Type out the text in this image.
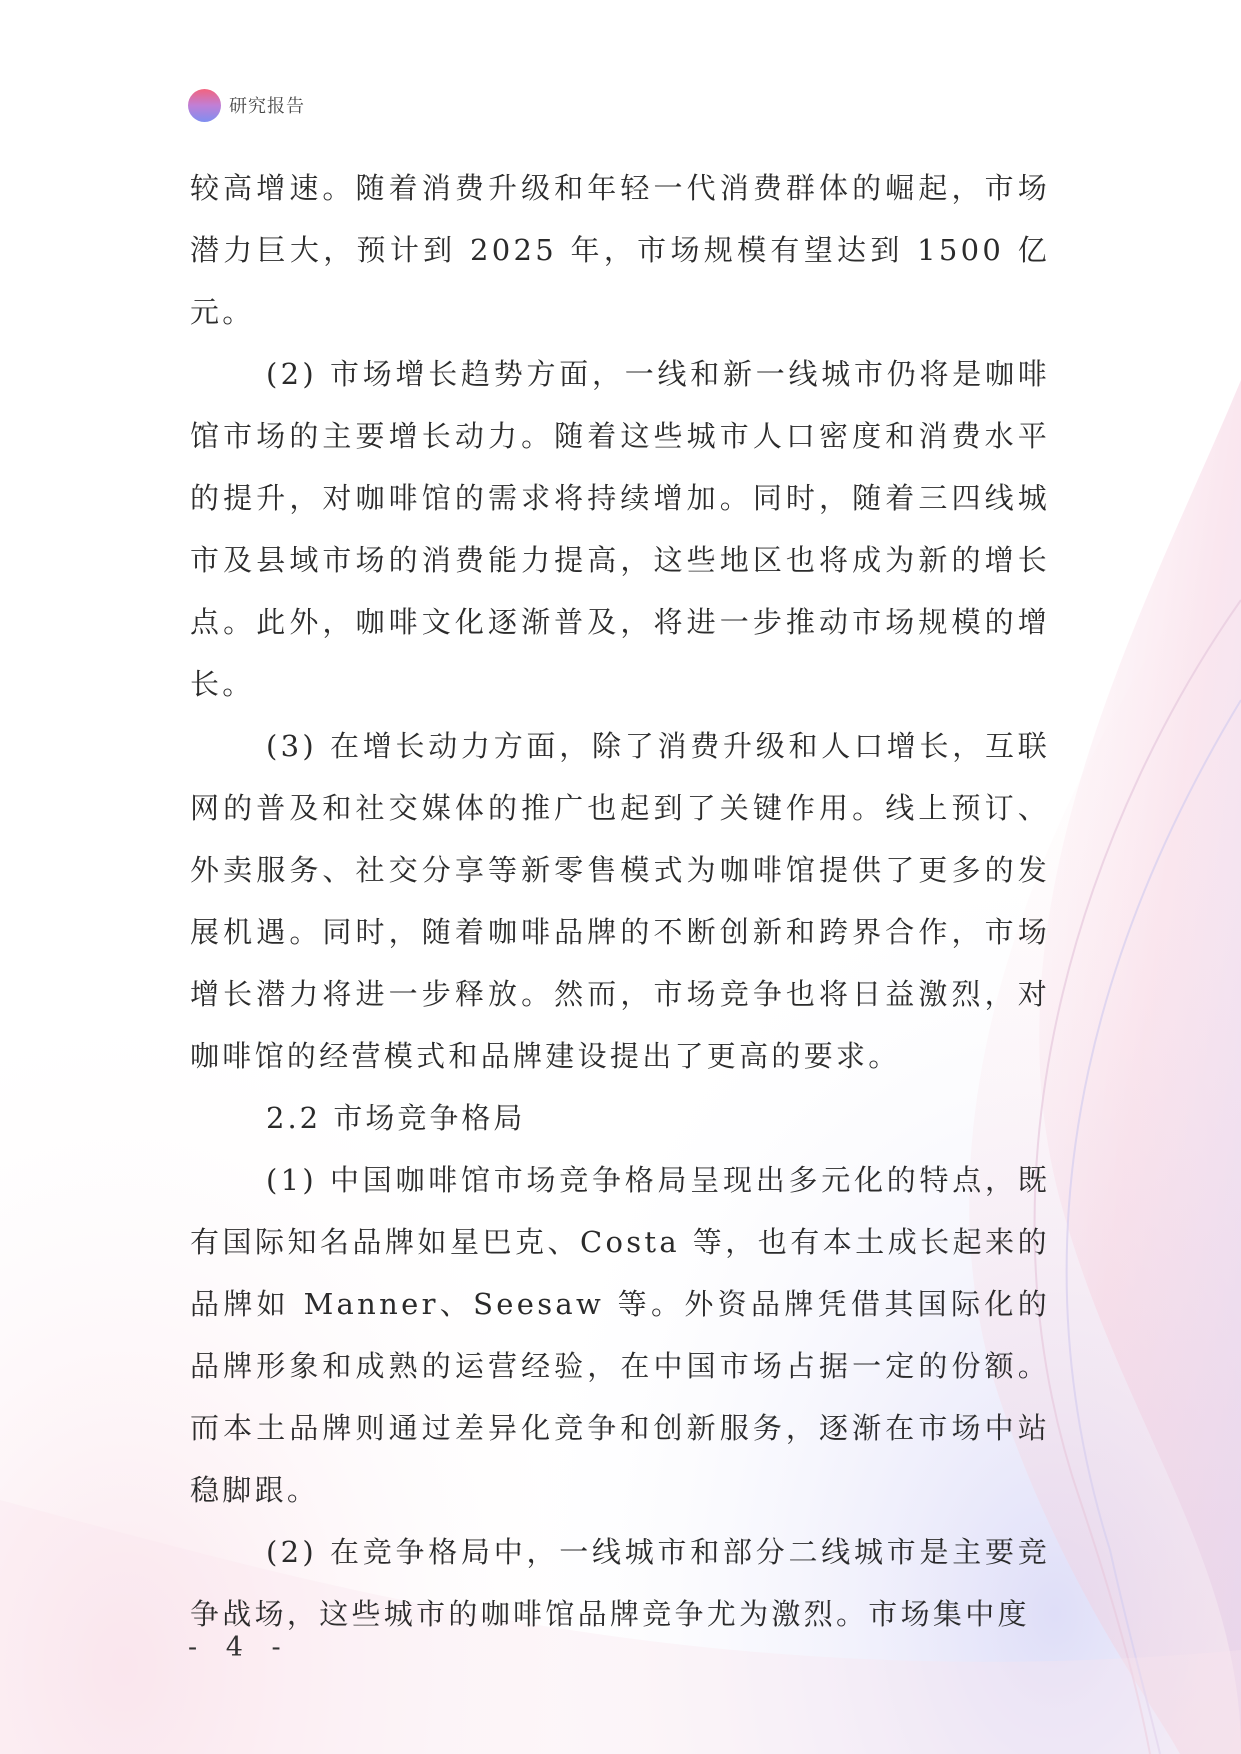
研究报告

较高增速。随着消费升级和年轻一代消费群体的崛起，市场潜力巨大，预计到 2025 年，市场规模有望达到 1500 亿元。

(2) 市场增长趋势方面，一线和新一线城市仍将是咖啡馆市场的主要增长动力。随着这些城市人口密度和消费水平的提升，对咖啡馆的需求将持续增加。同时，随着三四线城市及县域市场的消费能力提高，这些地区也将成为新的增长点。此外，咖啡文化逐渐普及，将进一步推动市场规模的增长。

(3) 在增长动力方面，除了消费升级和人口增长，互联网的普及和社交媒体的推广也起到了关键作用。线上预订、外卖服务、社交分享等新零售模式为咖啡馆提供了更多的发展机遇。同时，随着咖啡品牌的不断创新和跨界合作，市场增长潜力将进一步释放。然而，市场竞争也将日益激烈，对咖啡馆的经营模式和品牌建设提出了更高的要求。

2.2 市场竞争格局

(1) 中国咖啡馆市场竞争格局呈现出多元化的特点，既有国际知名品牌如星巴克、Costa 等，也有本土成长起来的品牌如 Manner、Seesaw 等。外资品牌凭借其国际化的品牌形象和成熟的运营经验，在中国市场占据一定的份额。而本土品牌则通过差异化竞争和创新服务，逐渐在市场中站稳脚跟。

(2) 在竞争格局中，一线城市和部分二线城市是主要竞争战场，这些城市的咖啡馆品牌竞争尤为激烈。市场集中度

- 4 -
